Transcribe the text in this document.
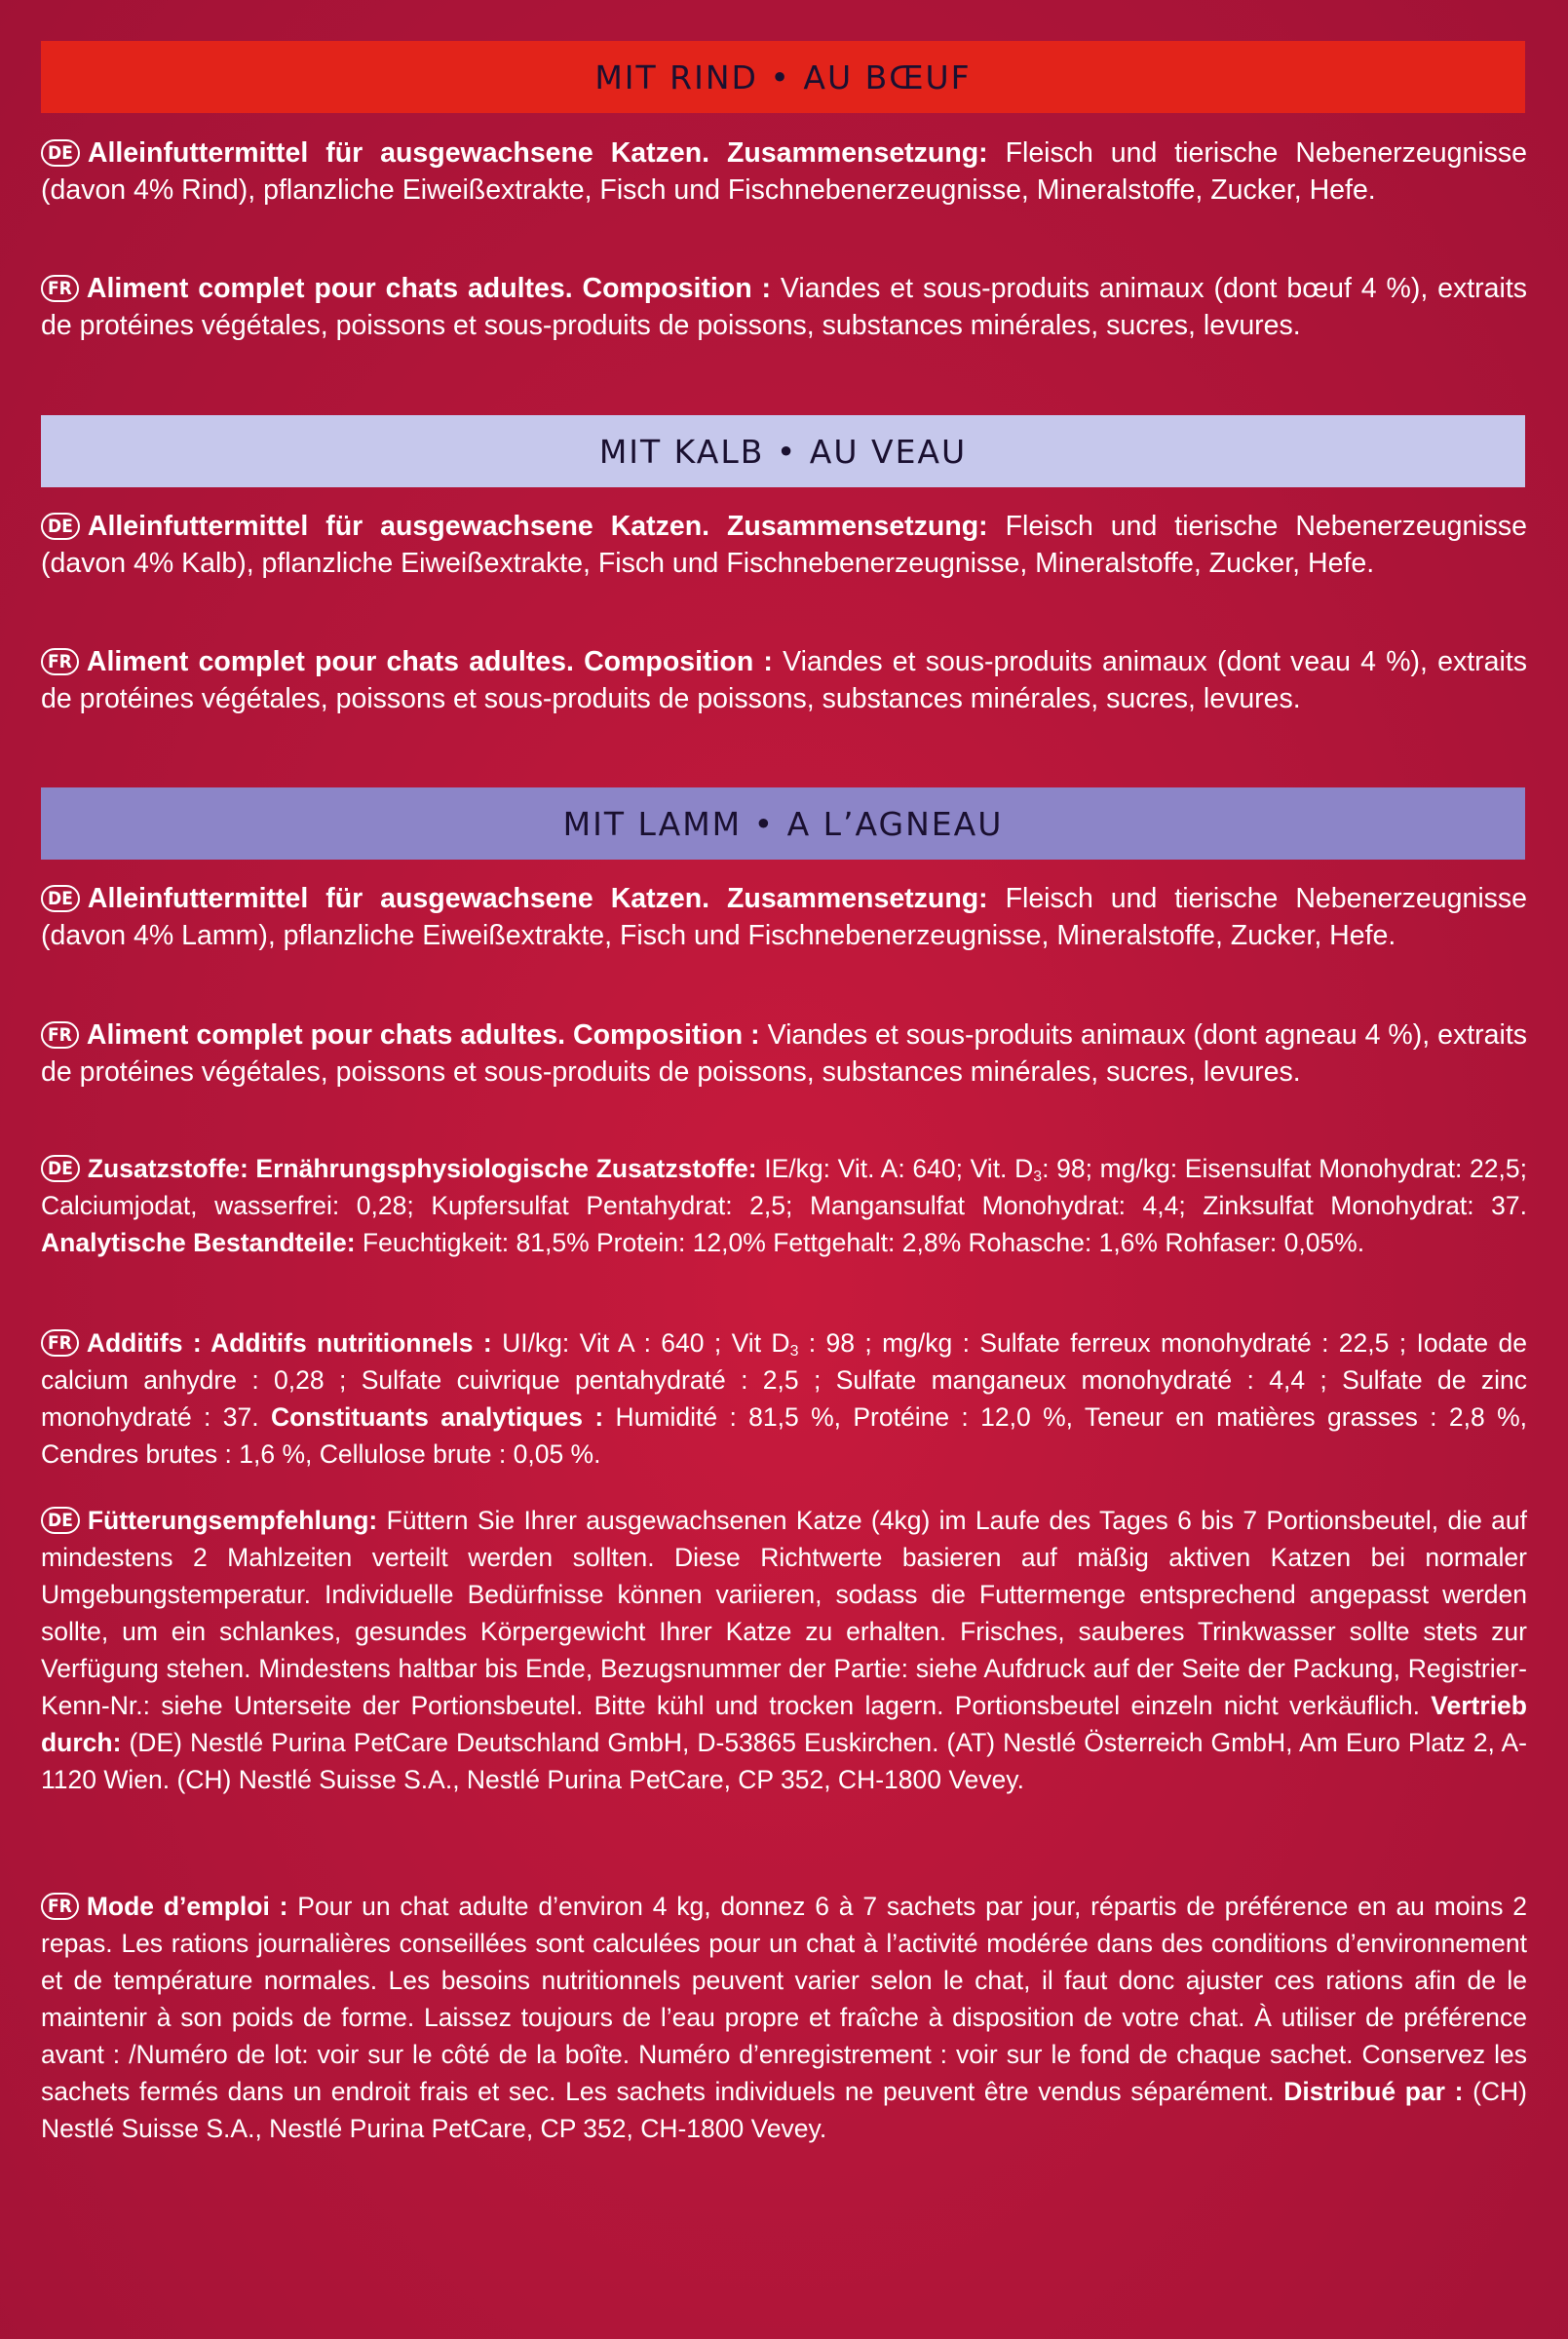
MIT RIND • AU BŒUF
DE Alleinfuttermittel für ausgewachsene Katzen. Zusammensetzung: Fleisch und tierische Nebenerzeugnisse (davon 4% Rind), pflanzliche Eiweißextrakte, Fisch und Fischnebenerzeugnisse, Mineralstoffe, Zucker, Hefe.
FR Aliment complet pour chats adultes. Composition : Viandes et sous-produits animaux (dont bœuf 4 %), extraits de protéines végétales, poissons et sous-produits de poissons, substances minérales, sucres, levures.
MIT KALB • AU VEAU
DE Alleinfuttermittel für ausgewachsene Katzen. Zusammensetzung: Fleisch und tierische Nebenerzeugnisse (davon 4% Kalb), pflanzliche Eiweißextrakte, Fisch und Fischnebenerzeugnisse, Mineralstoffe, Zucker, Hefe.
FR Aliment complet pour chats adultes. Composition : Viandes et sous-produits animaux (dont veau 4 %), extraits de protéines végétales, poissons et sous-produits de poissons, substances minérales, sucres, levures.
MIT LAMM • A L’AGNEAU
DE Alleinfuttermittel für ausgewachsene Katzen. Zusammensetzung: Fleisch und tierische Nebenerzeugnisse (davon 4% Lamm), pflanzliche Eiweißextrakte, Fisch und Fischnebenerzeugnisse, Mineralstoffe, Zucker, Hefe.
FR Aliment complet pour chats adultes. Composition : Viandes et sous-produits animaux (dont agneau 4 %), extraits de protéines végétales, poissons et sous-produits de poissons, substances minérales, sucres, levures.
DE Zusatzstoffe: Ernährungsphysiologische Zusatzstoffe: IE/kg: Vit. A: 640; Vit. $D_3$: 98; mg/kg: Eisensulfat Monohydrat: 22,5; Calciumjodat, wasserfrei: 0,28; Kupfersulfat Pentahydrat: 2,5; Mangansulfat Monohydrat: 4,4; Zinksulfat Monohydrat: 37. Analytische Bestandteile: Feuchtigkeit: 81,5% Protein: 12,0% Fettgehalt: 2,8% Rohasche: 1,6% Rohfaser: 0,05%.
FR Additifs : Additifs nutritionnels : UI/kg: Vit A : 640 ; Vit $D_3$ : 98 ; mg/kg : Sulfate ferreux monohydraté : 22,5 ; Iodate de calcium anhydre : 0,28 ; Sulfate cuivrique pentahydraté : 2,5 ; Sulfate manganeux monohydraté : 4,4 ; Sulfate de zinc monohydraté : 37. Constituants analytiques : Humidité : 81,5 %, Protéine : 12,0 %, Teneur en matières grasses : 2,8 %, Cendres brutes : 1,6 %, Cellulose brute : 0,05 %.
DE Fütterungsempfehlung: Füttern Sie Ihrer ausgewachsenen Katze (4kg) im Laufe des Tages 6 bis 7 Portionsbeutel, die auf mindestens 2 Mahlzeiten verteilt werden sollten. Diese Richtwerte basieren auf mäßig aktiven Katzen bei normaler Umgebungstemperatur. Individuelle Bedürfnisse können variieren, sodass die Futtermenge entsprechend angepasst werden sollte, um ein schlankes, gesundes Körpergewicht Ihrer Katze zu erhalten. Frisches, sauberes Trinkwasser sollte stets zur Verfügung stehen. Mindestens haltbar bis Ende, Bezugsnummer der Partie: siehe Aufdruck auf der Seite der Packung, Registrier-Kenn-Nr.: siehe Unterseite der Portionsbeutel. Bitte kühl und trocken lagern. Portionsbeutel einzeln nicht verkäuflich. Vertrieb durch: (DE) Nestlé Purina PetCare Deutschland GmbH, D-53865 Euskirchen. (AT) Nestlé Österreich GmbH, Am Euro Platz 2, A-1120 Wien. (CH) Nestlé Suisse S.A., Nestlé Purina PetCare, CP 352, CH-1800 Vevey.
FR Mode d’emploi : Pour un chat adulte d’environ 4 kg, donnez 6 à 7 sachets par jour, répartis de préférence en au moins 2 repas. Les rations journalières conseillées sont calculées pour un chat à l’activité modérée dans des conditions d’environnement et de température normales. Les besoins nutritionnels peuvent varier selon le chat, il faut donc ajuster ces rations afin de le maintenir à son poids de forme. Laissez toujours de l’eau propre et fraîche à disposition de votre chat. À utiliser de préférence avant : /Numéro de lot: voir sur le côté de la boîte. Numéro d’enregistrement : voir sur le fond de chaque sachet. Conservez les sachets fermés dans un endroit frais et sec. Les sachets individuels ne peuvent être vendus séparément. Distribué par : (CH) Nestlé Suisse S.A., Nestlé Purina PetCare, CP 352, CH-1800 Vevey.
